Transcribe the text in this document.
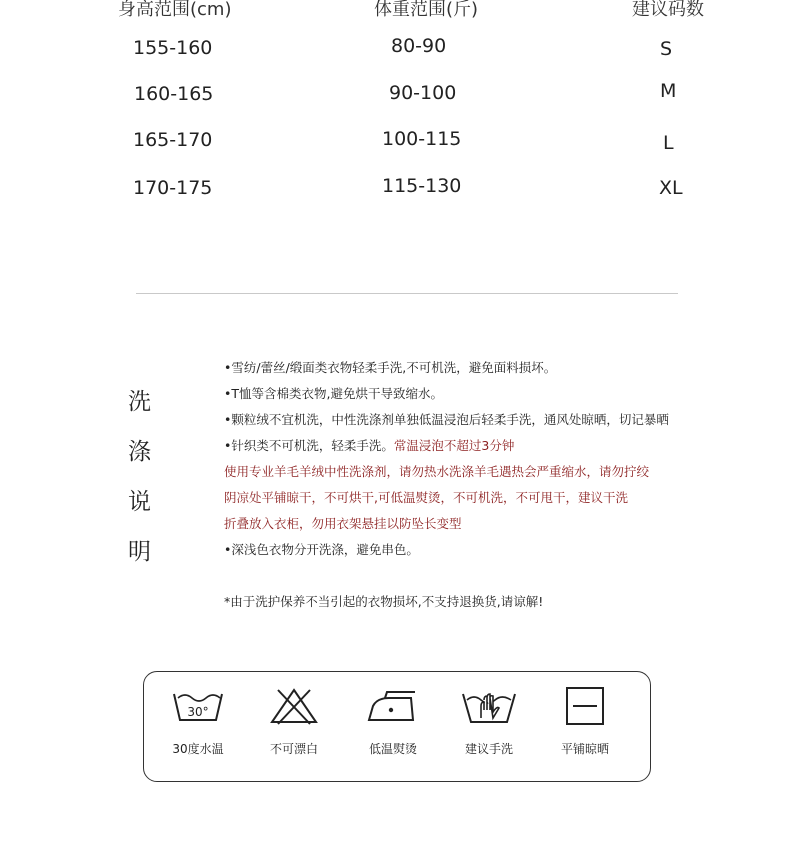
身高范围(cm)	体重范围(斤)	建议码数
155-160	80-90	S
160-165	90-100	M
165-170	100-115	L
170-175	115-130	XL
洗
涤
说
明
•雪纺/蕾丝/缎面类衣物轻柔手洗,不可机洗，避免面料损坏。
•T恤等含棉类衣物,避免烘干导致缩水。
•颗粒绒不宜机洗，中性洗涤剂单独低温浸泡后轻柔手洗，通风处晾晒，切记暴晒
•针织类不可机洗，轻柔手洗。常温浸泡不超过3分钟
使用专业羊毛羊绒中性洗涤剂，请勿热水洗涤羊毛遇热会严重缩水，请勿拧绞
阴凉处平铺晾干，不可烘干,可低温熨烫，不可机洗，不可甩干，建议干洗
折叠放入衣柜，勿用衣架悬挂以防坠长变型
•深浅色衣物分开洗涤，避免串色。
*由于洗护保养不当引起的衣物损坏,不支持退换货,请谅解!
30°
30度水温	不可漂白	低温熨烫	建议手洗	平铺晾晒
